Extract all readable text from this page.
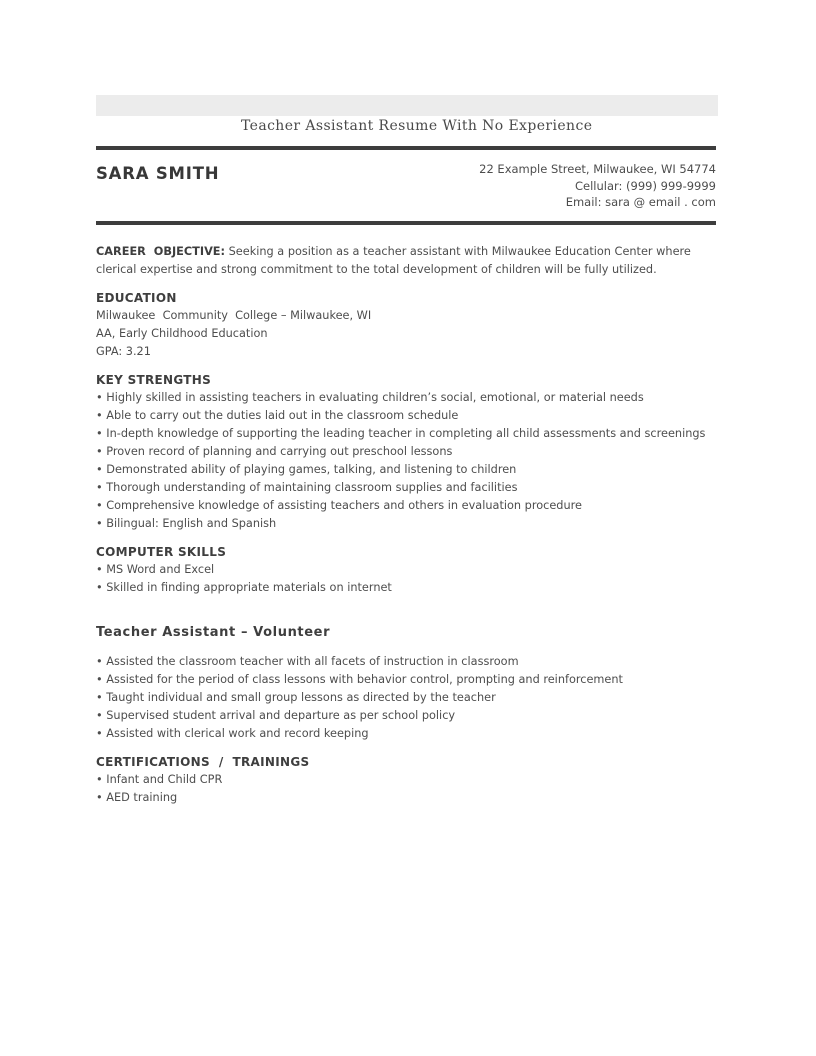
Teacher Assistant Resume With No Experience

SARA SMITH	22 Example Street, Milwaukee, WI 54774
Cellular: (999) 999-9999
Email: sara @ email . com

CAREER  OBJECTIVE: Seeking a position as a teacher assistant with Milwaukee Education Center where clerical expertise and strong commitment to the total development of children will be fully utilized.

EDUCATION

Milwaukee  Community  College – Milwaukee, WI

AA, Early Childhood Education

GPA: 3.21

KEY STRENGTHS

• Highly skilled in assisting teachers in evaluating children’s social, emotional, or material needs

• Able to carry out the duties laid out in the classroom schedule

• In-depth knowledge of supporting the leading teacher in completing all child assessments and screenings

• Proven record of planning and carrying out preschool lessons

• Demonstrated ability of playing games, talking, and listening to children

• Thorough understanding of maintaining classroom supplies and facilities

• Comprehensive knowledge of assisting teachers and others in evaluation procedure

• Bilingual: English and Spanish

COMPUTER SKILLS

• MS Word and Excel

• Skilled in finding appropriate materials on internet

Teacher Assistant – Volunteer

• Assisted the classroom teacher with all facets of instruction in classroom

• Assisted for the period of class lessons with behavior control, prompting and reinforcement

• Taught individual and small group lessons as directed by the teacher

• Supervised student arrival and departure as per school policy

• Assisted with clerical work and record keeping

CERTIFICATIONS  /  TRAININGS

• Infant and Child CPR

• AED training
